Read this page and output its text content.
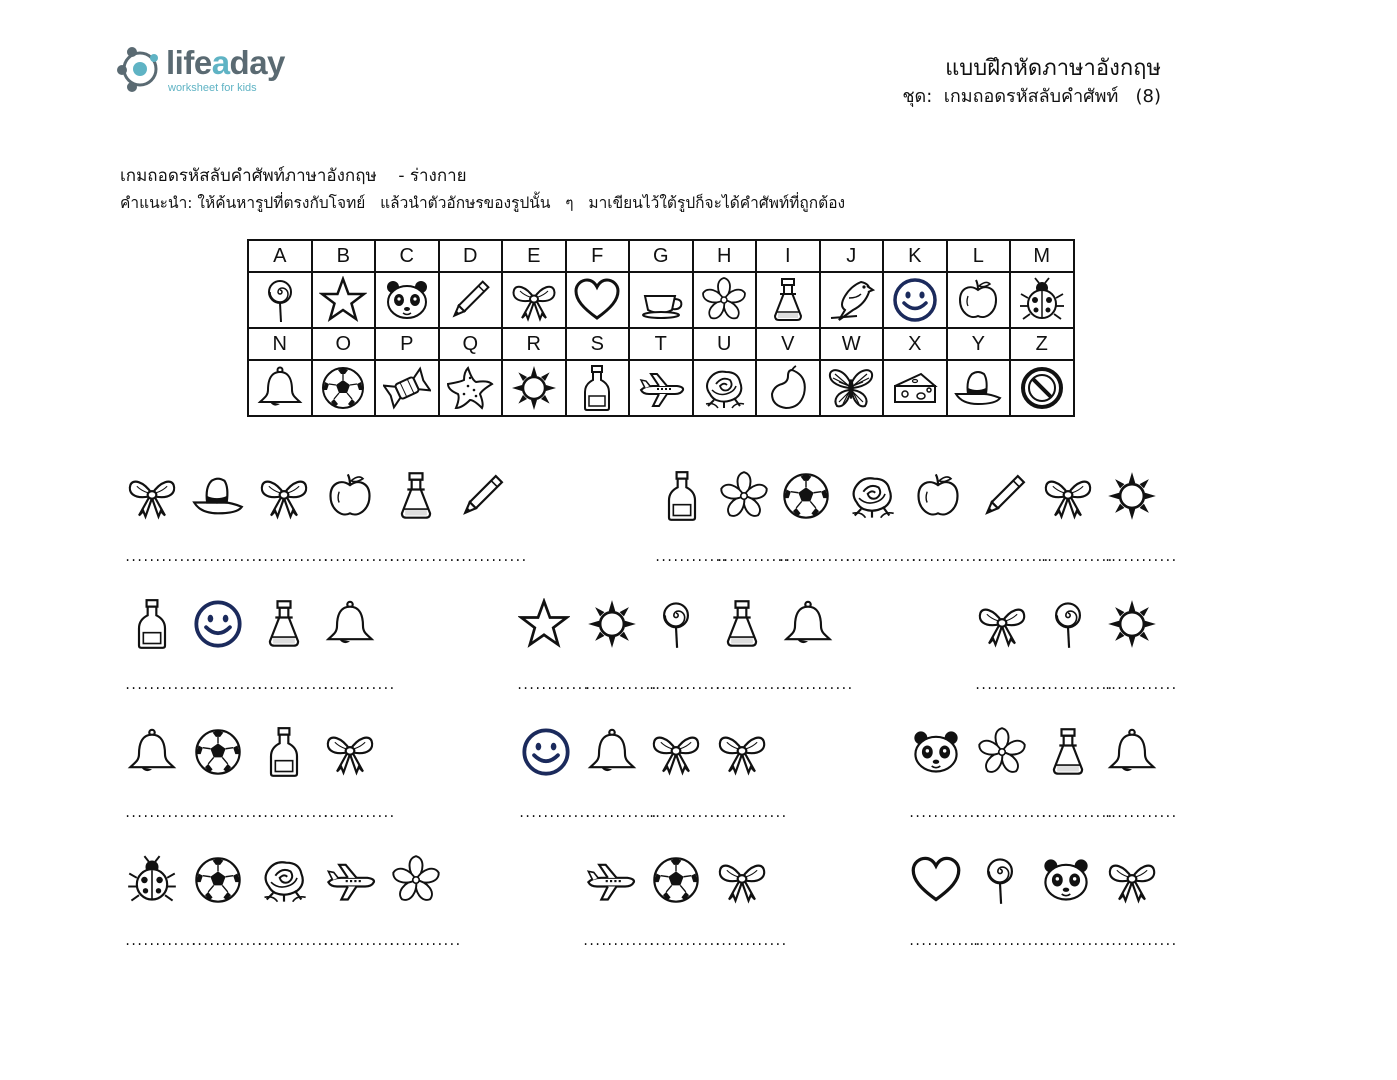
lifeaday
worksheet for kids
แบบฝึกหัดภาษาอังกฤษ
ชุด:  เกมถอดรหัสลับคำศัพท์   (8)
เกมถอดรหัสลับคำศัพท์ภาษาอังกฤษ    - ร่างกาย
คำแนะนำ: ให้ค้นหารูปที่ตรงกับโจทย์   แล้วนำตัวอักษรของรูปนั้น   ๆ   มาเขียนไว้ใต้รูปก็จะได้คำศัพท์ที่ถูกต้อง
A	B	C	D	E	F	G	H	I	J	K	L	M

N	O	P	Q	R	S	T	U	V	W	X	Y	Z

............
............
............
............
............
............	............
............
............
............
............
............
............
............
............
............
............
............	............
............
............
............
............	............
............
............
............
............
............
............	............
............
............
............	............
............
............
............
............
............
............
............
............	............
............
............	............
............
............
............
